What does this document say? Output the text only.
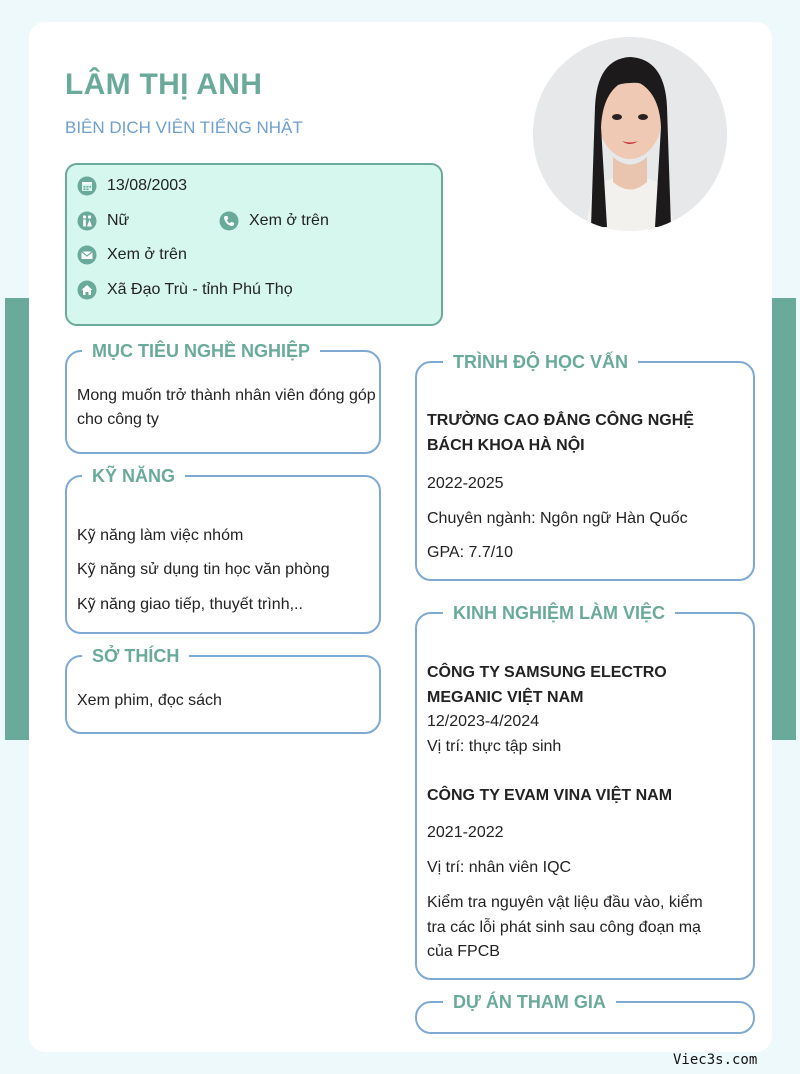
LÂM THỊ ANH
BIÊN DỊCH VIÊN TIẾNG NHẬT
13/08/2003
Nữ	Xem ở trên
Xem ở trên
Xã Đạo Trù - tỉnh Phú Thọ
MỤC TIÊU NGHỀ NGHIỆP
Mong muốn trở thành nhân viên đóng góp cho công ty
KỸ NĂNG
Kỹ năng làm việc nhóm
Kỹ năng sử dụng tin học văn phòng
Kỹ năng giao tiếp, thuyết trình,..
SỞ THÍCH
Xem phim, đọc sách
TRÌNH ĐỘ HỌC VẤN
TRƯỜNG CAO ĐẲNG CÔNG NGHỆ
BÁCH KHOA HÀ NỘI
2022-2025
Chuyên ngành: Ngôn ngữ Hàn Quốc
GPA: 7.7/10
KINH NGHIỆM LÀM VIỆC
CÔNG TY SAMSUNG ELECTRO
MEGANIC VIỆT NAM
12/2023-4/2024
Vị trí: thực tập sinh
CÔNG TY EVAM VINA VIỆT NAM
2021-2022
Vị trí: nhân viên IQC
Kiểm tra nguyên vật liệu đầu vào, kiểm
tra các lỗi phát sinh sau công đoạn mạ
của FPCB
DỰ ÁN THAM GIA
Viec3s.com
